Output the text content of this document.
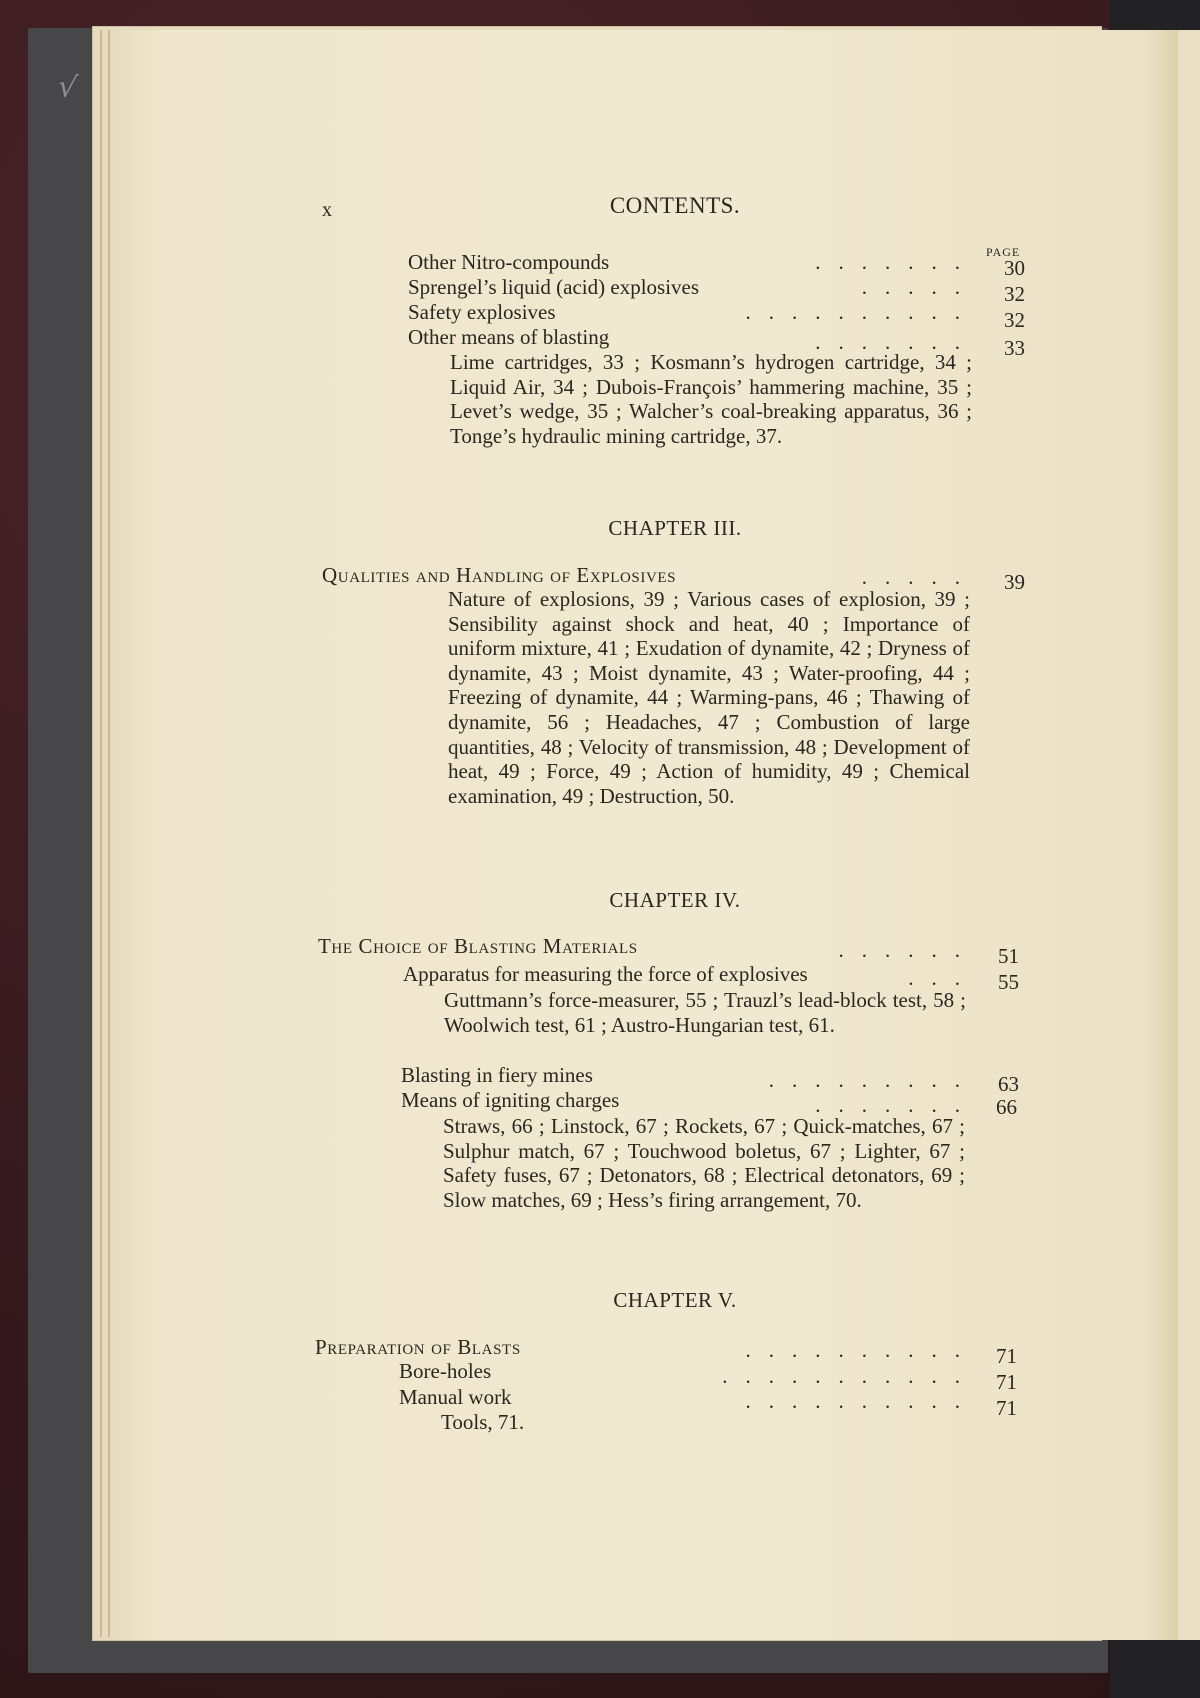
√
x	CONTENTS.
PAGE
Other Nitro-compounds	....... 30
Sprengel’s liquid (acid) explosives	..... 32
Safety explosives	.......... 32
Other means of blasting	....... 33
Lime cartridges, 33 ; Kosmann’s hydrogen cartridge, 34 ; Liquid Air, 34 ; Dubois-François’ hammering machine, 35 ; Levet’s wedge, 35 ; Walcher’s coal-breaking apparatus, 36 ; Tonge’s hydraulic mining cartridge, 37.
CHAPTER III.
Qualities and Handling of Explosives	..... 39
Nature of explosions, 39 ; Various cases of explosion, 39 ; Sensibility against shock and heat, 40 ; Importance of uniform mixture, 41 ; Exudation of dynamite, 42 ; Dryness of dynamite, 43 ; Moist dynamite, 43 ; Water-proofing, 44 ; Freezing of dynamite, 44 ; Warming-pans, 46 ; Thawing of dynamite, 56 ; Headaches, 47 ; Combustion of large quantities, 48 ; Velocity of transmission, 48 ; Development of heat, 49 ; Force, 49 ; Action of humidity, 49 ; Chemical examination, 49 ; Destruction, 50.
CHAPTER IV.
The Choice of Blasting Materials	...... 51
Apparatus for measuring the force of explosives	... 55
Guttmann’s force-measurer, 55 ; Trauzl’s lead-block test, 58 ; Woolwich test, 61 ; Austro-Hungarian test, 61.
Blasting in fiery mines	......... 63
Means of igniting charges	....... 66
Straws, 66 ; Linstock, 67 ; Rockets, 67 ; Quick-matches, 67 ; Sulphur match, 67 ; Touchwood boletus, 67 ; Lighter, 67 ; Safety fuses, 67 ; Detonators, 68 ; Electrical detonators, 69 ; Slow matches, 69 ; Hess’s firing arrangement, 70.
CHAPTER V.
Preparation of Blasts	.......... 71
Bore-holes	........... 71
Manual work	.......... 71
Tools, 71.
